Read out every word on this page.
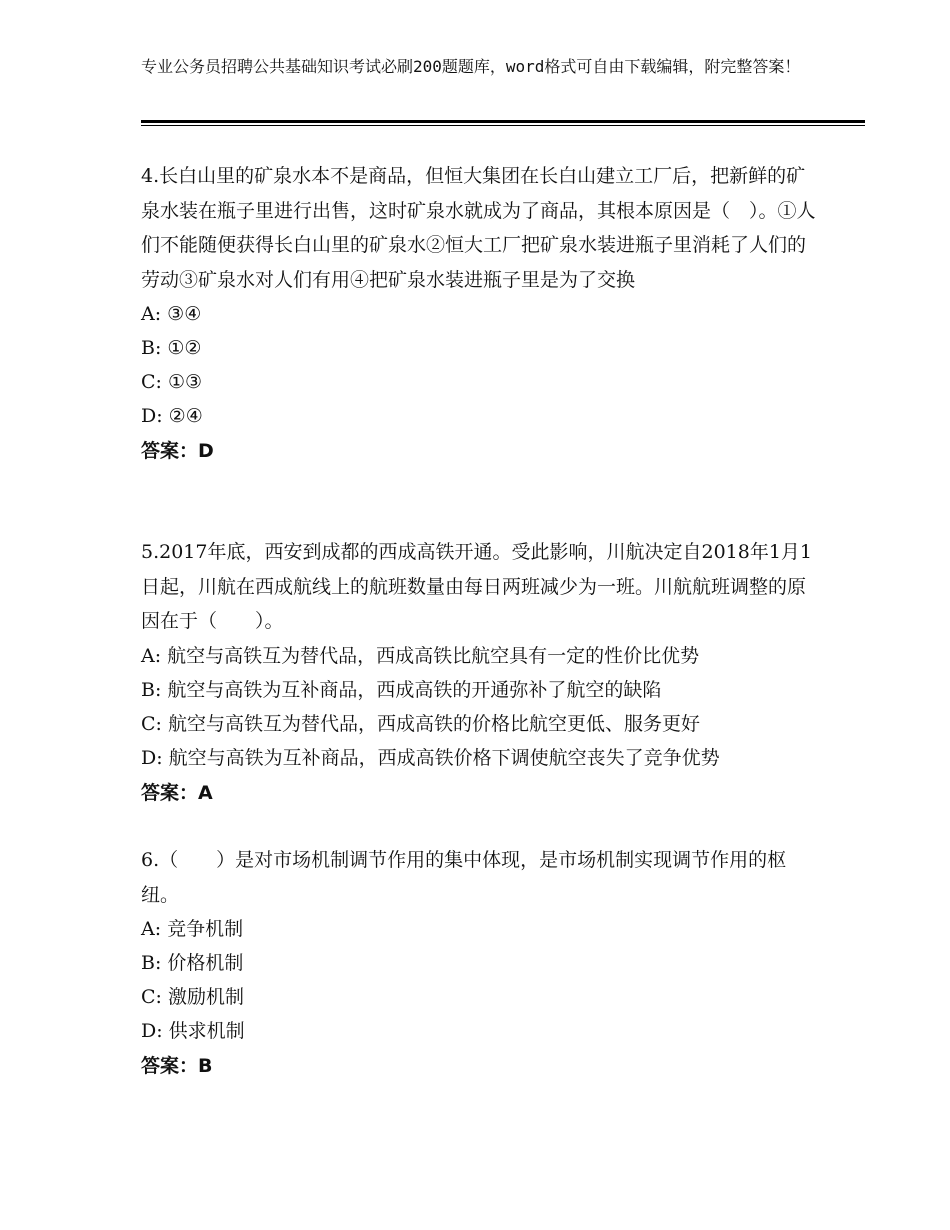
专业公务员招聘公共基础知识考试必刷200题题库，word格式可自由下载编辑，附完整答案！

4.长白山里的矿泉水本不是商品，但恒大集团在长白山建立工厂后，把新鲜的矿泉水装在瓶子里进行出售，这时矿泉水就成为了商品，其根本原因是（　）。①人们不能随便获得长白山里的矿泉水②恒大工厂把矿泉水装进瓶子里消耗了人们的劳动③矿泉水对人们有用④把矿泉水装进瓶子里是为了交换

A: ③④
B: ①②
C: ①③
D: ②④
答案：D

5.2017年底，西安到成都的西成高铁开通。受此影响，川航决定自2018年1月1日起，川航在西成航线上的航班数量由每日两班减少为一班。川航航班调整的原因在于（　　）。

A: 航空与高铁互为替代品，西成高铁比航空具有一定的性价比优势
B: 航空与高铁为互补商品，西成高铁的开通弥补了航空的缺陷
C: 航空与高铁互为替代品，西成高铁的价格比航空更低、服务更好
D: 航空与高铁为互补商品，西成高铁价格下调使航空丧失了竞争优势
答案：A

6.（　　）是对市场机制调节作用的集中体现，是市场机制实现调节作用的枢纽。

A: 竞争机制
B: 价格机制
C: 激励机制
D: 供求机制
答案：B
